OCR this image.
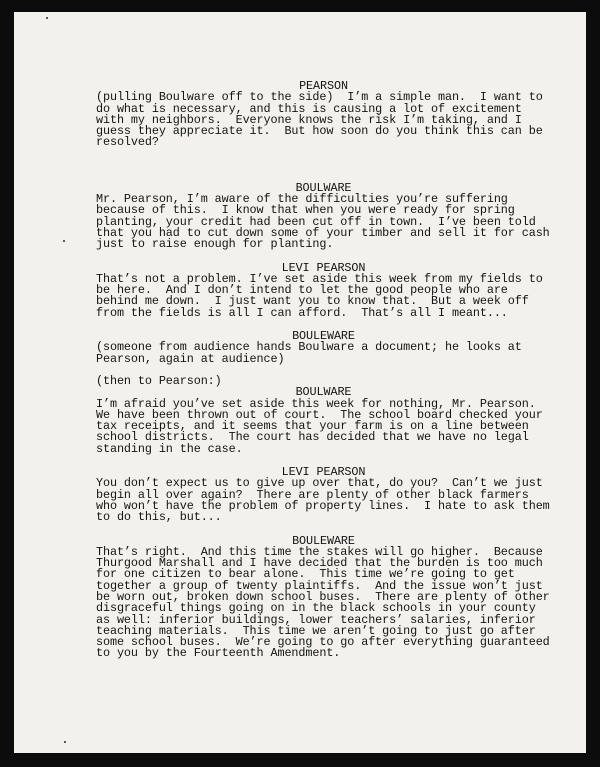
PEARSON

(pulling Boulware off to the side)  I’m a simple man.  I want to

do what is necessary, and this is causing a lot of excitement

with my neighbors.  Everyone knows the risk I’m taking, and I

guess they appreciate it.  But how soon do you think this can be

resolved?

BOULWARE

Mr. Pearson, I’m aware of the difficulties you’re suffering

because of this.  I know that when you were ready for spring

planting, your credit had been cut off in town.  I’ve been told

that you had to cut down some of your timber and sell it for cash

just to raise enough for planting.

LEVI PEARSON

That’s not a problem. I’ve set aside this week from my fields to

be here.  And I don’t intend to let the good people who are

behind me down.  I just want you to know that.  But a week off

from the fields is all I can afford.  That’s all I meant...

BOULEWARE

(someone from audience hands Boulware a document; he looks at

Pearson, again at audience)

(then to Pearson:)

BOULWARE

I’m afraid you’ve set aside this week for nothing, Mr. Pearson.

We have been thrown out of court.  The school board checked your

tax receipts, and it seems that your farm is on a line between

school districts.  The court has decided that we have no legal

standing in the case.

LEVI PEARSON

You don’t expect us to give up over that, do you?  Can’t we just

begin all over again?  There are plenty of other black farmers

who won’t have the problem of property lines.  I hate to ask them

to do this, but...

BOULEWARE

That’s right.  And this time the stakes will go higher.  Because

Thurgood Marshall and I have decided that the burden is too much

for one citizen to bear alone.  This time we’re going to get

together a group of twenty plaintiffs.  And the issue won’t just

be worn out, broken down school buses.  There are plenty of other

disgraceful things going on in the black schools in your county

as well: inferior buildings, lower teachers’ salaries, inferior

teaching materials.  This time we aren’t going to just go after

some school buses.  We’re going to go after everything guaranteed

to you by the Fourteenth Amendment.
